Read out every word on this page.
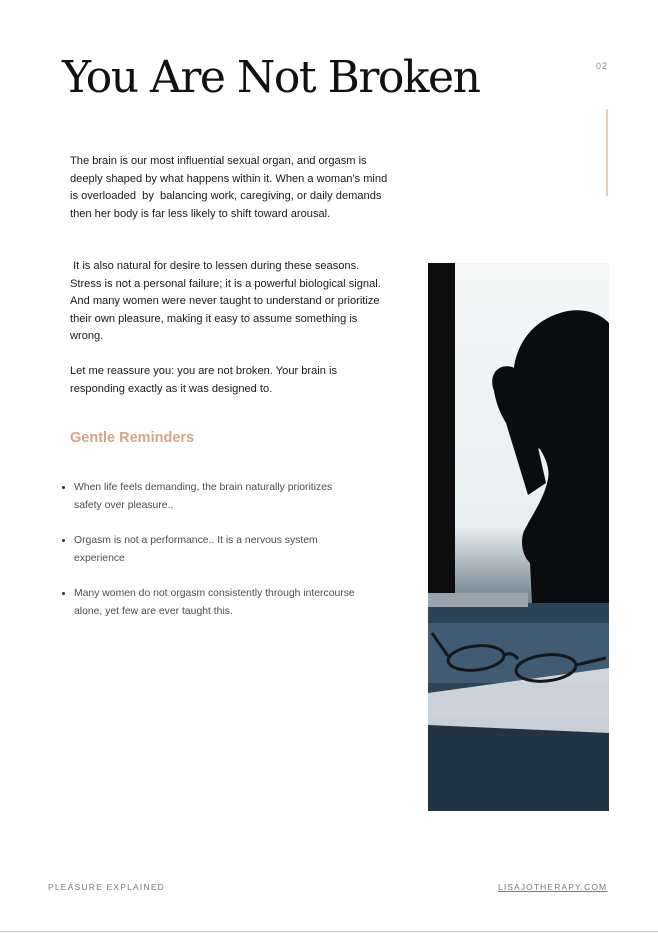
You Are Not Broken	02

The brain is our most influential sexual organ, and orgasm is deeply shaped by what happens within it. When a woman's mind is overloaded  by  balancing work, caregiving, or daily demands then her body is far less likely to shift toward arousal.

It is also natural for desire to lessen during these seasons. Stress is not a personal failure; it is a powerful biological signal. And many women were never taught to understand or prioritize their own pleasure, making it easy to assume something is wrong.

Let me reassure you: you are not broken. Your brain is responding exactly as it was designed to.

Gentle Reminders
When life feels demanding, the brain naturally prioritizes safety over pleasure..
Orgasm is not a performance.. It is a nervous system experience
Many women do not orgasm consistently through intercourse alone, yet few are ever taught this.
PLEASURE EXPLAINED	LISAJOTHERAPY.COM
